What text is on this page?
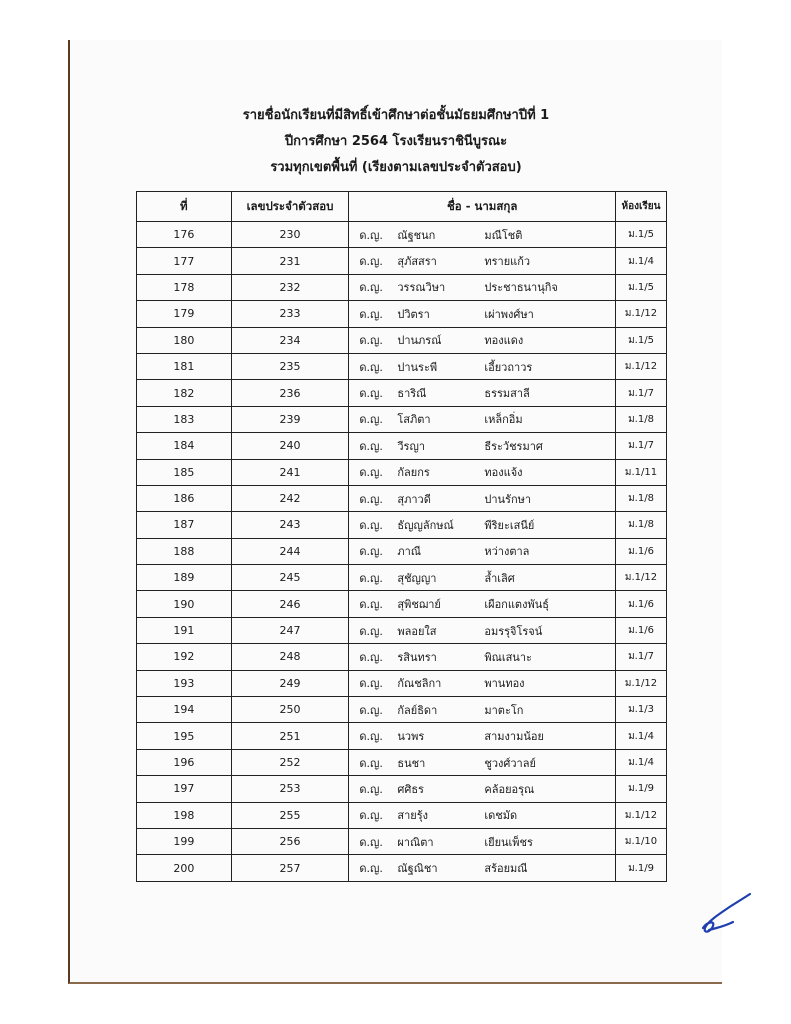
รายชื่อนักเรียนที่มีสิทธิ์เข้าศึกษาต่อชั้นมัธยมศึกษาปีที่ 1
ปีการศึกษา 2564 โรงเรียนราชินีบูรณะ
รวมทุกเขตพื้นที่ (เรียงตามเลขประจำตัวสอบ)
ที่	เลขประจำตัวสอบ	ชื่อ - นามสกุล	ห้องเรียน
176	230	ด.ญ. ณัฐชนก มณีโชติ	ม.1/5
177	231	ด.ญ. สุภัสสรา ทรายแก้ว	ม.1/4
178	232	ด.ญ. วรรณวิษา ประชาธนานุกิจ	ม.1/5
179	233	ด.ญ. ปวิตรา เผ่าพงศ์ษา	ม.1/12
180	234	ด.ญ. ปานภรณ์ ทองแดง	ม.1/5
181	235	ด.ญ. ปานระพี เอี้ยวถาวร	ม.1/12
182	236	ด.ญ. ธาริณี ธรรมสาลี	ม.1/7
183	239	ด.ญ. โสภิตา เหล็กอิ่ม	ม.1/8
184	240	ด.ญ. วีรญา ธีระวัชรมาศ	ม.1/7
185	241	ด.ญ. กัลยกร ทองแจ้ง	ม.1/11
186	242	ด.ญ. สุภาวดี ปานรักษา	ม.1/8
187	243	ด.ญ. ธัญญลักษณ์ พีริยะเสนีย์	ม.1/8
188	244	ด.ญ. ภาณี หว่างตาล	ม.1/6
189	245	ด.ญ. สุชัญญา ล้ำเลิศ	ม.1/12
190	246	ด.ญ. สุพิชฌาย์ เผือกแตงพันธุ์	ม.1/6
191	247	ด.ญ. พลอยใส อมรรุจิโรจน์	ม.1/6
192	248	ด.ญ. รสินทรา พิณเสนาะ	ม.1/7
193	249	ด.ญ. กัณชลิกา พานทอง	ม.1/12
194	250	ด.ญ. กัลย์ธิดา มาตะโก	ม.1/3
195	251	ด.ญ. นวพร สามงามน้อย	ม.1/4
196	252	ด.ญ. ธนชา ชูวงศ์วาลย์	ม.1/4
197	253	ด.ญ. ศศิธร คล้อยอรุณ	ม.1/9
198	255	ด.ญ. สายรุ้ง เดชมัด	ม.1/12
199	256	ด.ญ. ผาณิตา เยียนเพ็ชร	ม.1/10
200	257	ด.ญ. ณัฐณิชา สร้อยมณี	ม.1/9
